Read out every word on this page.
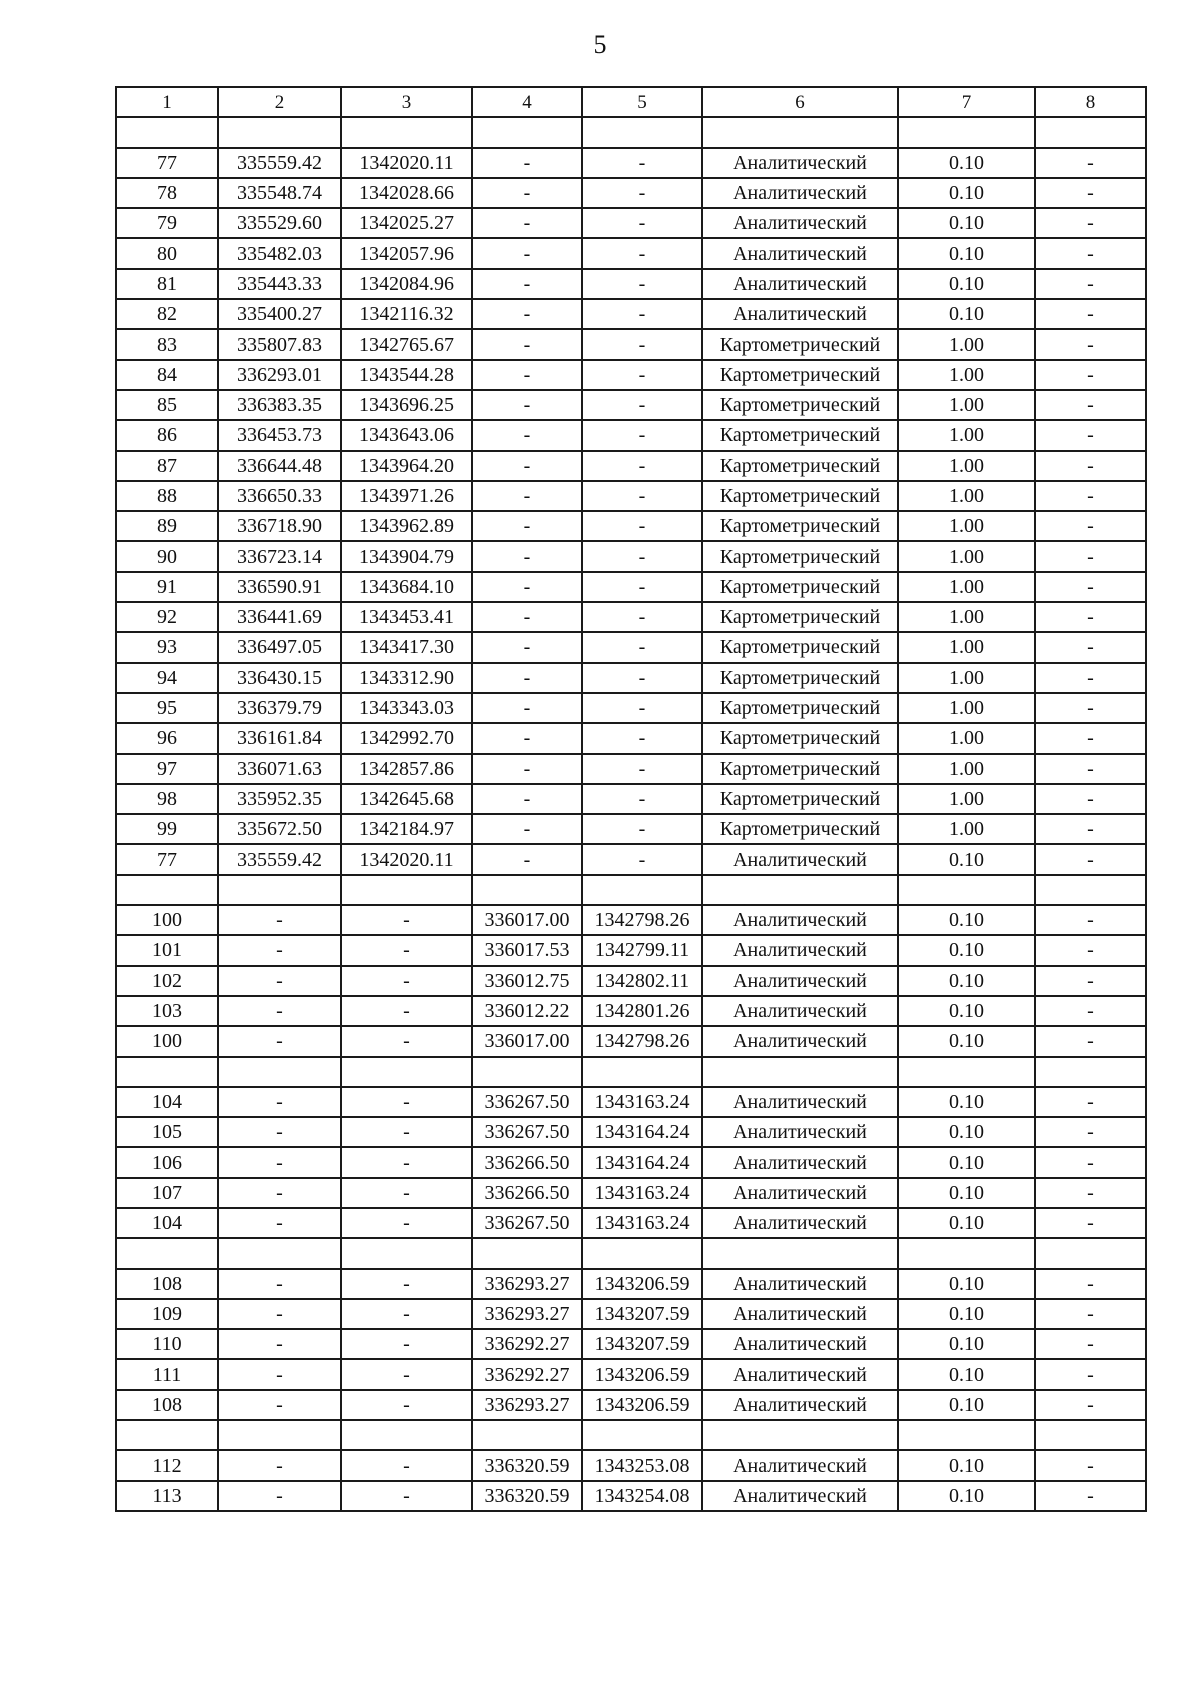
5
1	2	3	4	5	6	7	8

77	335559.42	1342020.11	-	-	Аналитический	0.10	-
78	335548.74	1342028.66	-	-	Аналитический	0.10	-
79	335529.60	1342025.27	-	-	Аналитический	0.10	-
80	335482.03	1342057.96	-	-	Аналитический	0.10	-
81	335443.33	1342084.96	-	-	Аналитический	0.10	-
82	335400.27	1342116.32	-	-	Аналитический	0.10	-
83	335807.83	1342765.67	-	-	Картометрический	1.00	-
84	336293.01	1343544.28	-	-	Картометрический	1.00	-
85	336383.35	1343696.25	-	-	Картометрический	1.00	-
86	336453.73	1343643.06	-	-	Картометрический	1.00	-
87	336644.48	1343964.20	-	-	Картометрический	1.00	-
88	336650.33	1343971.26	-	-	Картометрический	1.00	-
89	336718.90	1343962.89	-	-	Картометрический	1.00	-
90	336723.14	1343904.79	-	-	Картометрический	1.00	-
91	336590.91	1343684.10	-	-	Картометрический	1.00	-
92	336441.69	1343453.41	-	-	Картометрический	1.00	-
93	336497.05	1343417.30	-	-	Картометрический	1.00	-
94	336430.15	1343312.90	-	-	Картометрический	1.00	-
95	336379.79	1343343.03	-	-	Картометрический	1.00	-
96	336161.84	1342992.70	-	-	Картометрический	1.00	-
97	336071.63	1342857.86	-	-	Картометрический	1.00	-
98	335952.35	1342645.68	-	-	Картометрический	1.00	-
99	335672.50	1342184.97	-	-	Картометрический	1.00	-
77	335559.42	1342020.11	-	-	Аналитический	0.10	-

100	-	-	336017.00	1342798.26	Аналитический	0.10	-
101	-	-	336017.53	1342799.11	Аналитический	0.10	-
102	-	-	336012.75	1342802.11	Аналитический	0.10	-
103	-	-	336012.22	1342801.26	Аналитический	0.10	-
100	-	-	336017.00	1342798.26	Аналитический	0.10	-

104	-	-	336267.50	1343163.24	Аналитический	0.10	-
105	-	-	336267.50	1343164.24	Аналитический	0.10	-
106	-	-	336266.50	1343164.24	Аналитический	0.10	-
107	-	-	336266.50	1343163.24	Аналитический	0.10	-
104	-	-	336267.50	1343163.24	Аналитический	0.10	-

108	-	-	336293.27	1343206.59	Аналитический	0.10	-
109	-	-	336293.27	1343207.59	Аналитический	0.10	-
110	-	-	336292.27	1343207.59	Аналитический	0.10	-
111	-	-	336292.27	1343206.59	Аналитический	0.10	-
108	-	-	336293.27	1343206.59	Аналитический	0.10	-

112	-	-	336320.59	1343253.08	Аналитический	0.10	-
113	-	-	336320.59	1343254.08	Аналитический	0.10	-
